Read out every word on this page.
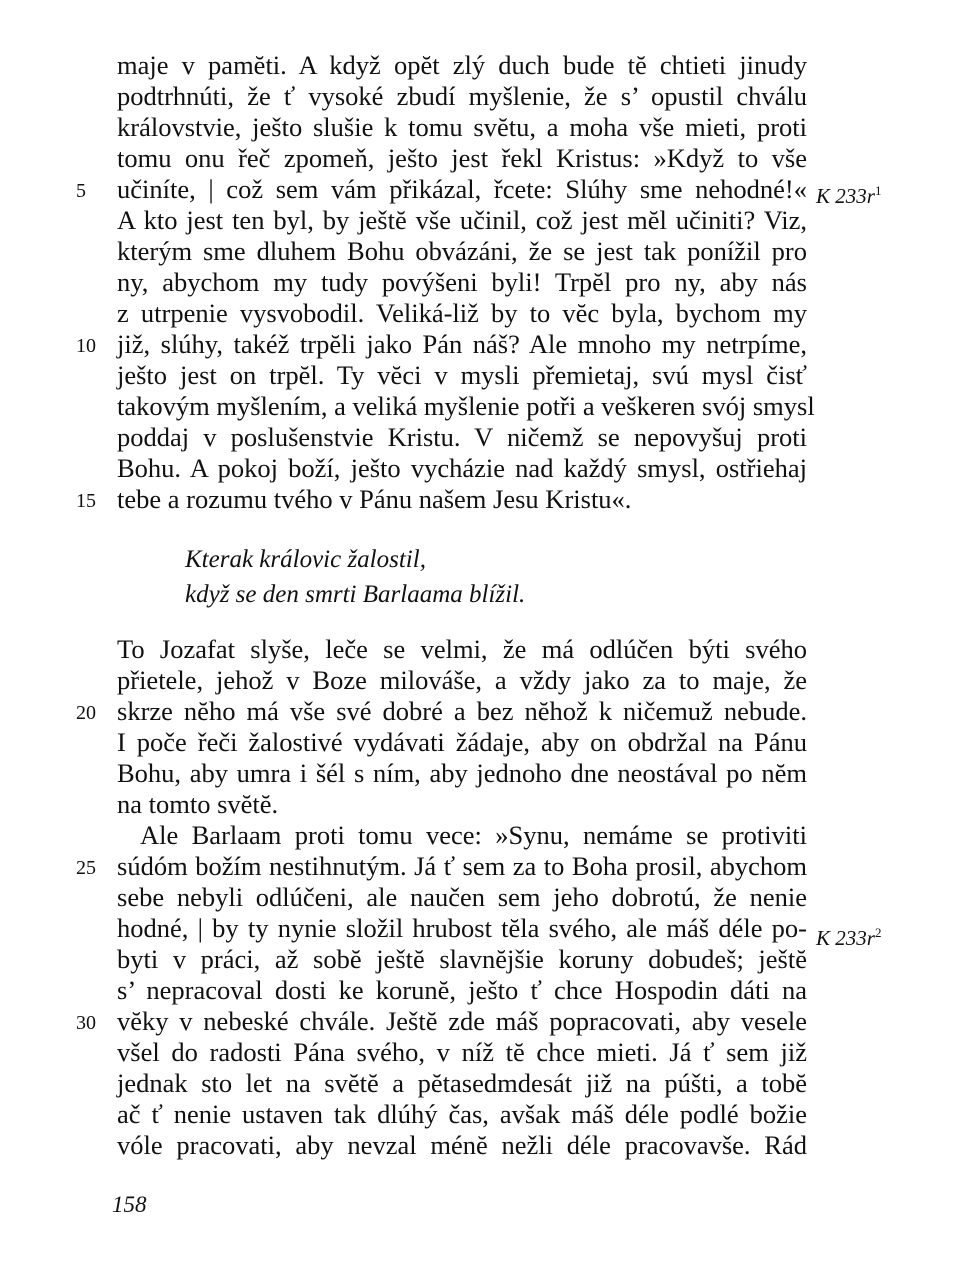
maje v pamĕti. A když opĕt zlý duch bude tĕ chtieti jinudy
podtrhnúti, že ť vysoké zbudí myšlenie, že s’ opustil chválu
královstvie, ješto slušie k tomu svĕtu, a moha vše mieti, proti
tomu onu řeč zpomeň, ješto jest řekl Kristus: »Když to vše
učiníte, | což sem vám přikázal, řcete: Slúhy sme nehodné!«
A kto jest ten byl, by ještĕ vše učinil, což jest mĕl učiniti? Viz,
kterým sme dluhem Bohu obvázáni, že se jest tak ponížil pro
ny, abychom my tudy povýšeni byli! Trpĕl pro ny, aby nás
z utrpenie vysvobodil. Veliká-liž by to vĕc byla, bychom my
již, slúhy, takéž trpĕli jako Pán náš? Ale mnoho my netrpíme,
ješto jest on trpĕl. Ty vĕci v mysli přemietaj, svú mysl čisť
takovým myšlením, a veliká myšlenie potři a veškeren svój smysl
poddaj v poslušenstvie Kristu. V ničemž se nepovyšuj proti
Bohu. A pokoj boží, ješto vycházie nad každý smysl, ostřiehaj
tebe a rozumu tvého v Pánu našem Jesu Kristu«.
5
10
15
K $233r^1$
Kterak královic žalostil,
když se den smrti Barlaama blížil.
To Jozafat slyše, leče se velmi, že má odlúčen býti svého
přietele, jehož v Boze milováše, a vždy jako za to maje, že
skrze nĕho má vše své dobré a bez nĕhož k ničemuž nebude.
I poče řeči žalostivé vydávati žádaje, aby on obdržal na Pánu
Bohu, aby umra i šél s ním, aby jednoho dne neostával po nĕm
na tomto svĕtĕ.
20
Ale Barlaam proti tomu vece: »Synu, nemáme se protiviti
súdóm božím nestihnutým. Já ť sem za to Boha prosil, abychom
sebe nebyli odlúčeni, ale naučen sem jeho dobrotú, že nenie
hodné, | by ty nynie složil hrubost tĕla svého, ale máš déle po-
byti v práci, až sobĕ ještĕ slavnĕjšie koruny dobudeš; ještĕ
s’ nepracoval dosti ke korunĕ, ješto ť chce Hospodin dáti na
vĕky v nebeské chvále. Ještĕ zde máš popracovati, aby vesele
všel do radosti Pána svého, v níž tĕ chce mieti. Já ť sem již
jednak sto let na svĕtĕ a pĕtasedmdesát již na púšti, a tobĕ
ač ť nenie ustaven tak dlúhý čas, avšak máš déle podlé božie
vóle pracovati, aby nevzal ménĕ nežli déle pracovavše. Rád
25
30
K $233r^2$
158
